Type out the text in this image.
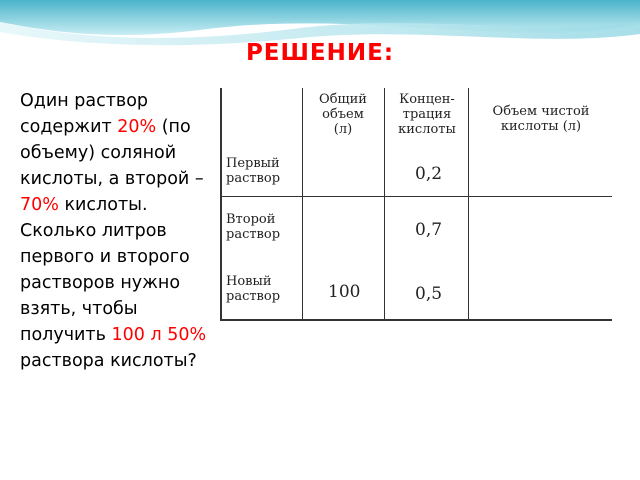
РЕШЕНИЕ:
Один раствор содержит 20% (по объему) соляной кислоты, а второй – 70% кислоты. Сколько литров первого и второго растворов нужно взять, чтобы получить 100 л 50% раствора кислоты?
Общий объем (л)
Концен-трация кислоты
Объем чистой кислоты (л)
Первый раствор
Второй раствор
Новый раствор
0,2
0,7
100	0,5
